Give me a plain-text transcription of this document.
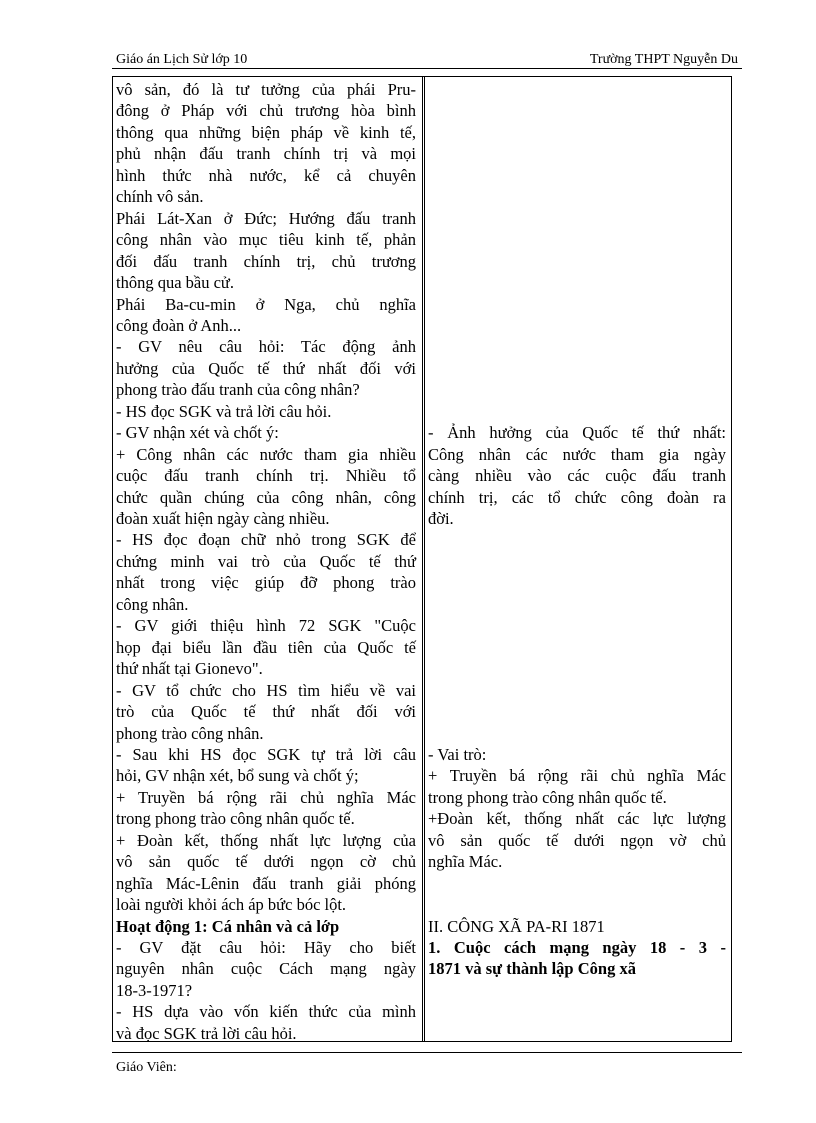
Giáo án Lịch Sử lớp 10	Trường THPT Nguyễn Du
vô sản, đó là tư tưởng của phái Pru-
đông ở Pháp với chủ trương hòa bình
thông qua những biện pháp về kinh tế,
phủ nhận đấu tranh chính trị và mọi
hình thức nhà nước, kể cả chuyên
chính vô sản.
Phái Lát-Xan ở Đức; Hướng đấu tranh
công nhân vào mục tiêu kinh tế, phản
đối đấu tranh chính trị, chủ trương
thông qua bầu cử.
Phái Ba-cu-min ở Nga, chủ nghĩa
công đoàn ở Anh...
- GV nêu câu hỏi: Tác động ảnh
hưởng của Quốc tế thứ nhất đối với
phong trào đấu tranh của công nhân?
- HS đọc SGK và trả lời câu hỏi.
- GV nhận xét và chốt ý:
+ Công nhân các nước tham gia nhiều
cuộc đấu tranh chính trị. Nhiều tổ
chức quần chúng của công nhân, công
đoàn xuất hiện ngày càng nhiều.
- HS đọc đoạn chữ nhỏ trong SGK để
chứng minh vai trò của Quốc tế thứ
nhất trong việc giúp đỡ phong trào
công nhân.
- GV giới thiệu hình 72 SGK "Cuộc
họp đại biểu lần đầu tiên của Quốc tế
thứ nhất tại Gionevo".
- GV tổ chức cho HS tìm hiểu về vai
trò của Quốc tế thứ nhất đối với
phong trào công nhân.
- Sau khi HS đọc SGK tự trả lời câu
hỏi, GV nhận xét, bổ sung và chốt ý;
+ Truyền bá rộng rãi chủ nghĩa Mác
trong phong trào công nhân quốc tế.
+ Đoàn kết, thống nhất lực lượng của
vô sản quốc tế dưới ngọn cờ chủ
nghĩa Mác-Lênin đấu tranh giải phóng
loài người khỏi ách áp bức bóc lột.
Hoạt động 1: Cá nhân và cả lớp
- GV đặt câu hỏi: Hãy cho biết
nguyên nhân cuộc Cách mạng ngày
18-3-1971?
- HS dựa vào vốn kiến thức của mình
và đọc SGK trả lời câu hỏi.
- Ảnh hưởng của Quốc tế thứ nhất:
Công nhân các nước tham gia ngày
càng nhiều vào các cuộc đấu tranh
chính trị, các tổ chức công đoàn ra
đời.
- Vai trò:
+ Truyền bá rộng rãi chủ nghĩa Mác
trong phong trào công nhân quốc tế.
+Đoàn kết, thống nhất các lực lượng
vô sản quốc tế dưới ngọn vờ chủ
nghĩa Mác.
II. CÔNG XÃ PA-RI 1871
1. Cuộc cách mạng ngày 18 - 3 -
1871 và sự thành lập Công xã
Giáo Viên:
